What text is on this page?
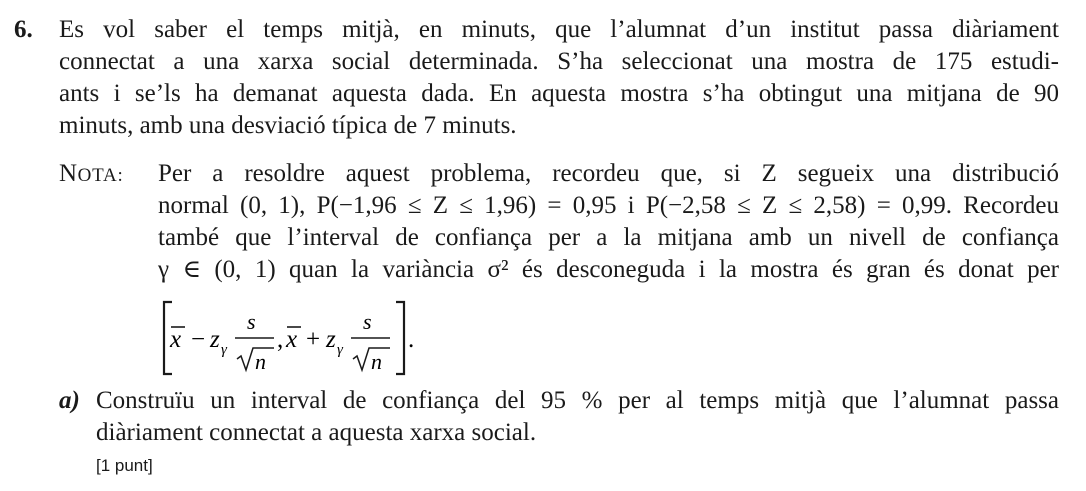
6. Es vol saber el temps mitjà, en minuts, que l’alumnat d’un institut passa diàriament
connectat a una xarxa social determinada. S’ha seleccionat una mostra de 175 estudi-
ants i se’ls ha demanat aquesta dada. En aquesta mostra s’ha obtingut una mitjana de 90
minuts, amb una desviació típica de 7 minuts.
NOTA: Per a resoldre aquest problema, recordeu que, si Z segueix una distribució
normal (0, 1), P(−1,96 ≤ Z ≤ 1,96) = 0,95 i P(−2,58 ≤ Z ≤ 2,58) = 0,99. Recordeu
també que l’interval de confiança per a la mitjana amb un nivell de confiança
γ ∈ (0, 1) quan la variància σ² és desconeguda i la mostra és gran és donat per
x − z γ
s
n
, x + z γ
s
n
.
a) Construïu un interval de confiança del 95 % per al temps mitjà que l’alumnat passa
diàriament connectat a aquesta xarxa social.
[1 punt]
